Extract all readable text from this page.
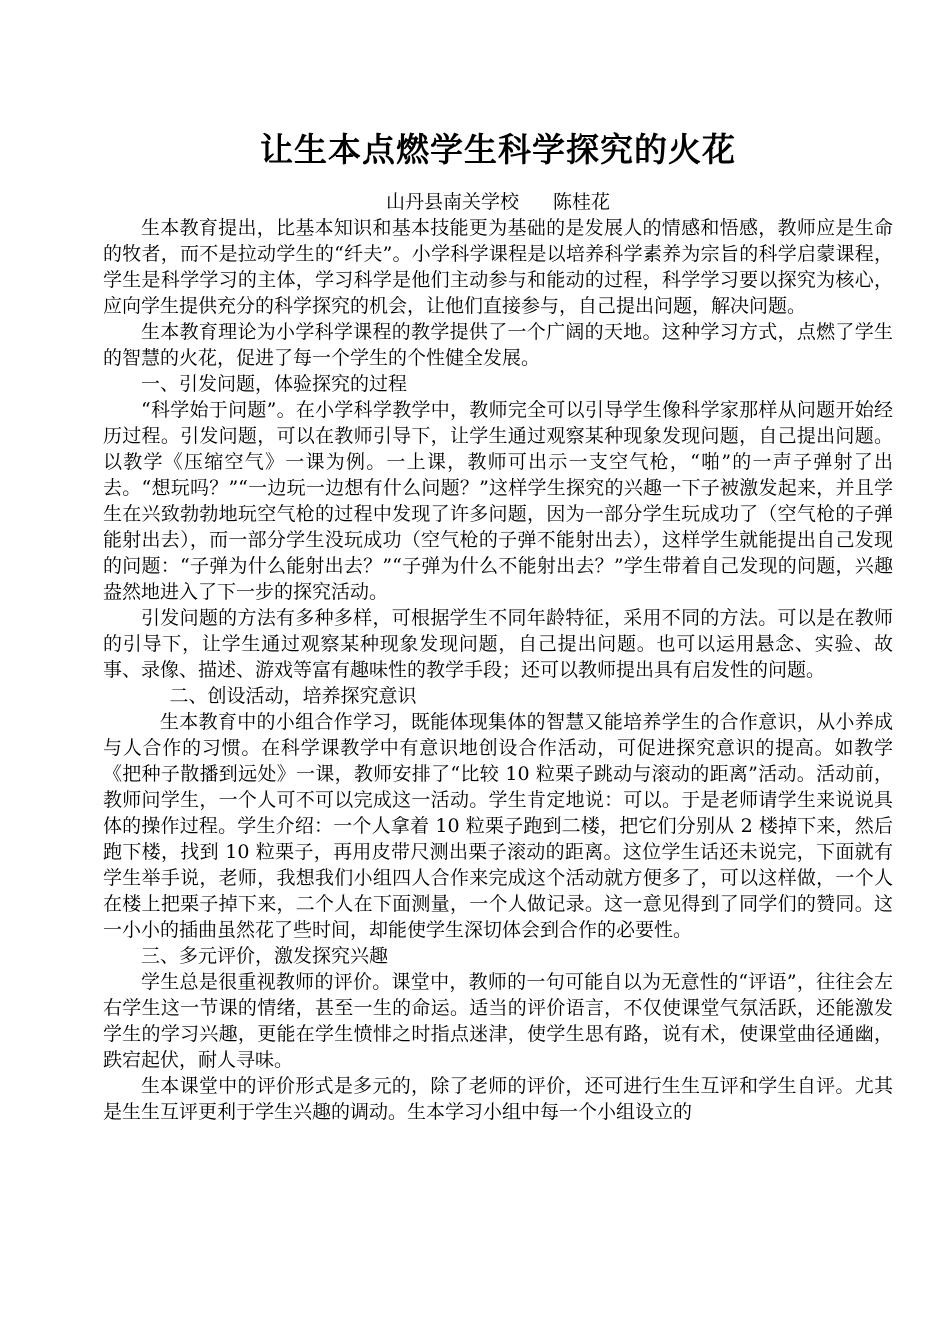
让生本点燃学生科学探究的火花
山丹县南关学校 陈桂花

生本教育提出，比基本知识和基本技能更为基础的是发展人的情感和悟感，教师应是生命的牧者，而不是拉动学生的“纤夫”。小学科学课程是以培养科学素养为宗旨的科学启蒙课程，学生是科学学习的主体，学习科学是他们主动参与和能动的过程，科学学习要以探究为核心，应向学生提供充分的科学探究的机会，让他们直接参与，自己提出问题，解决问题。

生本教育理论为小学科学课程的教学提供了一个广阔的天地。这种学习方式，点燃了学生的智慧的火花，促进了每一个学生的个性健全发展。

一、引发问题，体验探究的过程

“科学始于问题”。在小学科学教学中，教师完全可以引导学生像科学家那样从问题开始经历过程。引发问题，可以在教师引导下，让学生通过观察某种现象发现问题，自己提出问题。以教学《压缩空气》一课为例。一上课，教师可出示一支空气枪，“啪”的一声子弹射了出去。“想玩吗？”“一边玩一边想有什么问题？”这样学生探究的兴趣一下子被激发起来，并且学生在兴致勃勃地玩空气枪的过程中发现了许多问题，因为一部分学生玩成功了（空气枪的子弹能射出去），而一部分学生没玩成功（空气枪的子弹不能射出去），这样学生就能提出自己发现的问题：“子弹为什么能射出去？”“子弹为什么不能射出去？”学生带着自己发现的问题，兴趣盎然地进入了下一步的探究活动。

引发问题的方法有多种多样，可根据学生不同年龄特征，采用不同的方法。可以是在教师的引导下，让学生通过观察某种现象发现问题，自己提出问题。也可以运用悬念、实验、故事、录像、描述、游戏等富有趣味性的教学手段；还可以教师提出具有启发性的问题。

二、创设活动，培养探究意识

生本教育中的小组合作学习，既能体现集体的智慧又能培养学生的合作意识，从小养成与人合作的习惯。在科学课教学中有意识地创设合作活动，可促进探究意识的提高。如教学《把种子散播到远处》一课，教师安排了“比较 10 粒栗子跳动与滚动的距离”活动。活动前，教师问学生，一个人可不可以完成这一活动。学生肯定地说：可以。于是老师请学生来说说具体的操作过程。学生介绍：一个人拿着 10 粒栗子跑到二楼，把它们分别从 2 楼掉下来，然后跑下楼，找到 10 粒栗子，再用皮带尺测出栗子滚动的距离。这位学生话还未说完，下面就有学生举手说，老师，我想我们小组四人合作来完成这个活动就方便多了，可以这样做，一个人在楼上把栗子掉下来，二个人在下面测量，一个人做记录。这一意见得到了同学们的赞同。这一小小的插曲虽然花了些时间，却能使学生深切体会到合作的必要性。

三、多元评价，激发探究兴趣

学生总是很重视教师的评价。课堂中，教师的一句可能自以为无意性的“评语”，往往会左右学生这一节课的情绪，甚至一生的命运。适当的评价语言，不仅使课堂气氛活跃，还能激发学生的学习兴趣，更能在学生愤悱之时指点迷津，使学生思有路，说有术，使课堂曲径通幽，跌宕起伏，耐人寻味。

生本课堂中的评价形式是多元的，除了老师的评价，还可进行生生互评和学生自评。尤其是生生互评更利于学生兴趣的调动。生本学习小组中每一个小组设立的
